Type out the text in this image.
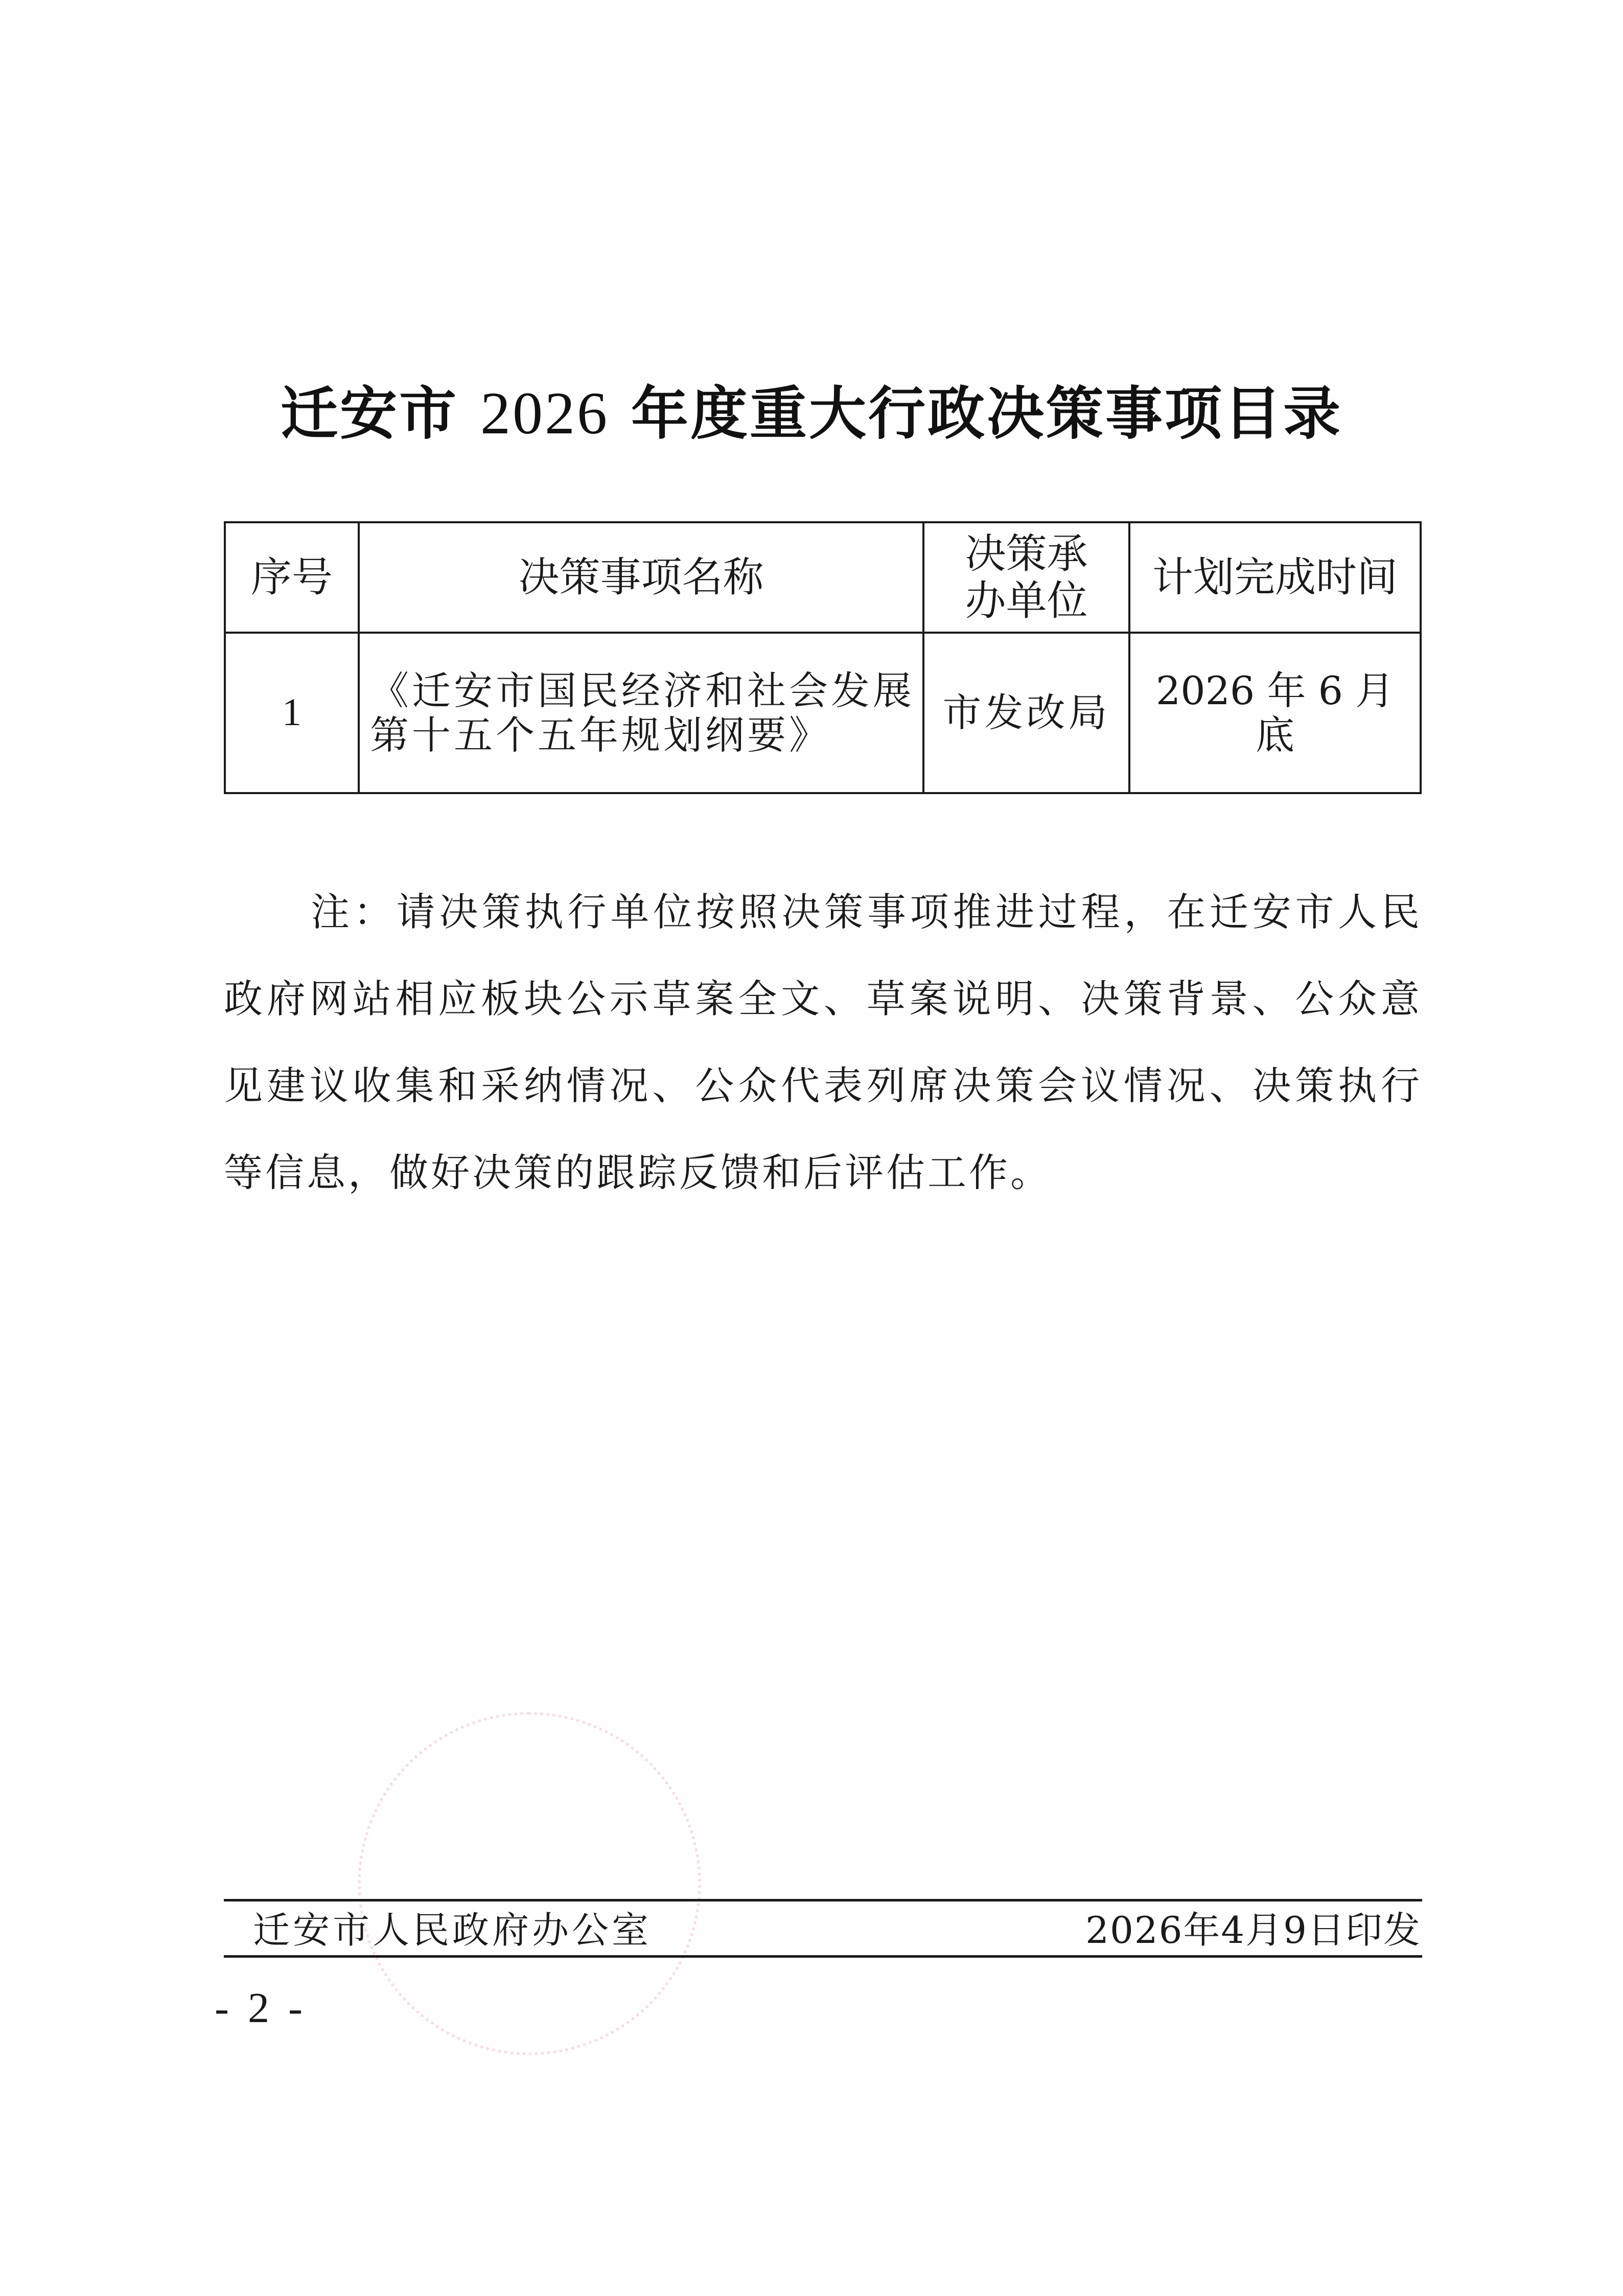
迁安市 2026 年度重大行政决策事项目录
序号	决策事项名称	决策承办单位	计划完成时间
1	《迁安市国民经济和社会发展第十五个五年规划纲要》	市发改局	2026 年 6 月底
注：请决策执行单位按照决策事项推进过程，在迁安市人民政府网站相应板块公示草案全文、草案说明、决策背景、公众意见建议收集和采纳情况、公众代表列席决策会议情况、决策执行等信息，做好决策的跟踪反馈和后评估工作。
迁安市人民政府办公室	2026年4月9日印发
- 2 -
